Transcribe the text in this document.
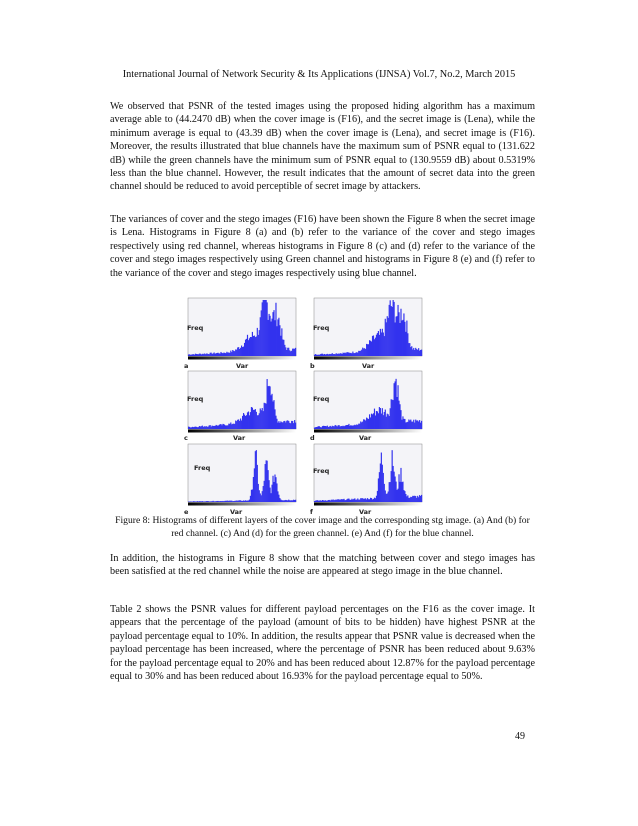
International Journal of Network Security & Its Applications (IJNSA) Vol.7, No.2, March 2015

We observed that PSNR of the tested images using the proposed hiding algorithm has a maximum average able to (44.2470 dB) when the cover image is (F16), and the secret image is (Lena), while the minimum average is equal to (43.39 dB) when the cover image is (Lena), and secret image is (F16). Moreover, the results illustrated that blue channels have the maximum sum of PSNR equal to (131.622 dB) while the green channels have the minimum sum of PSNR equal to (130.9559 dB) about 0.5319% less than the blue channel. However, the result indicates that the amount of secret data into the green channel should be reduced to avoid perceptible of secret image by attackers.

The variances of cover and the stego images (F16) have been shown the Figure 8 when the secret image is Lena. Histograms in Figure 8 (a) and (b) refer to the variance of the cover and stego images respectively using red channel, whereas histograms in Figure 8 (c) and (d) refer to the variance of the cover and stego images respectively using Green channel and histograms in Figure 8 (e) and (f) refer to the variance of the cover and stego images respectively using blue channel.

Freq
Var
a
Freq
Var
b
Freq
Var
c
Freq
Var
d
Freq
Var
e
Freq
Var
f
Figure 8: Histograms of different layers of the cover image and the corresponding stg image. (a) And (b) for red channel. (c) And (d) for the green channel. (e) And (f) for the blue channel.

In addition, the histograms in Figure 8 show that the matching between cover and stego images has been satisfied at the red channel while the noise are appeared at stego image in the blue channel.

Table 2 shows the PSNR values for different payload percentages on the F16 as the cover image. It appears that the percentage of the payload (amount of bits to be hidden) have highest PSNR at the payload percentage equal to 10%. In addition, the results appear that PSNR value is decreased when the payload percentage has been increased, where the percentage of PSNR has been reduced about 9.63% for the payload percentage equal to 20% and has been reduced about 12.87% for the payload percentage equal to 30% and has been reduced about 16.93% for the payload percentage equal to 50%.

49
